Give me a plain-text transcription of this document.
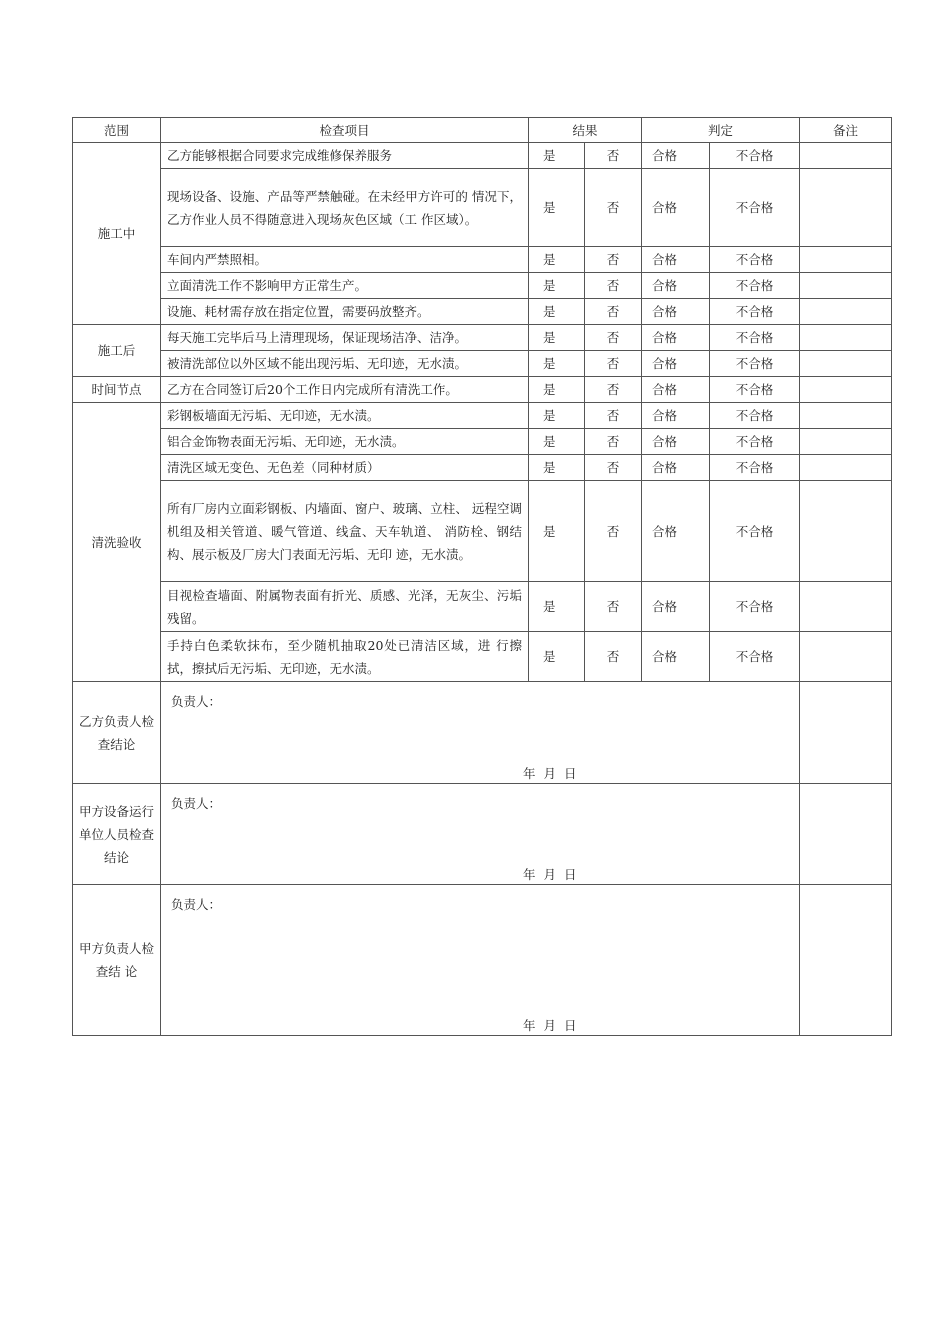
范围	检查项目	结果		判定		备注
施工中	乙方能够根据合同要求完成维修保养服务	是	否	合格	不合格	
	现场设备、设施、产品等严禁触碰。在未经甲方许可的 情况下，乙方作业人员不得随意进入现场灰色区域（工 作区域）。	是	否	合格	不合格	
	车间内严禁照相。	是	否	合格	不合格	
	立面清洗工作不影响甲方正常生产。	是	否	合格	不合格	
	设施、耗材需存放在指定位置，需要码放整齐。	是	否	合格	不合格	
施工后	每天施工完毕后马上清理现场，保证现场洁净、洁净。	是	否	合格	不合格	
	被清洗部位以外区域不能出现污垢、无印迹，无水渍。	是	否	合格	不合格	
时间节点	乙方在合同签订后20个工作日内完成所有清洗工作。	是	否	合格	不合格	
清洗验收	彩钢板墙面无污垢、无印迹，无水渍。	是	否	合格	不合格	
	铝合金饰物表面无污垢、无印迹，无水渍。	是	否	合格	不合格	
	清洗区域无变色、无色差（同种材质）	是	否	合格	不合格	
	所有厂房内立面彩钢板、内墙面、窗户、玻璃、立柱、 远程空调机组及相关管道、暖气管道、线盒、天车轨道、 消防栓、钢结构、展示板及厂房大门表面无污垢、无印 迹，无水渍。	是	否	合格	不合格	
	目视检查墙面、附属物表面有折光、质感、光泽，无灰尘、污垢残留。	是	否	合格	不合格	
	手持白色柔软抹布，至少随机抽取20处已清洁区域，进 行擦拭，擦拭后无污垢、无印迹，无水渍。	是	否	合格	不合格	
乙方负责人检查结论	负责人：
年 月 日					

甲方设备运行单位人员检查结论	负责人：
年 月 日					

甲方负责人检查结 论	负责人：
年 月 日					
